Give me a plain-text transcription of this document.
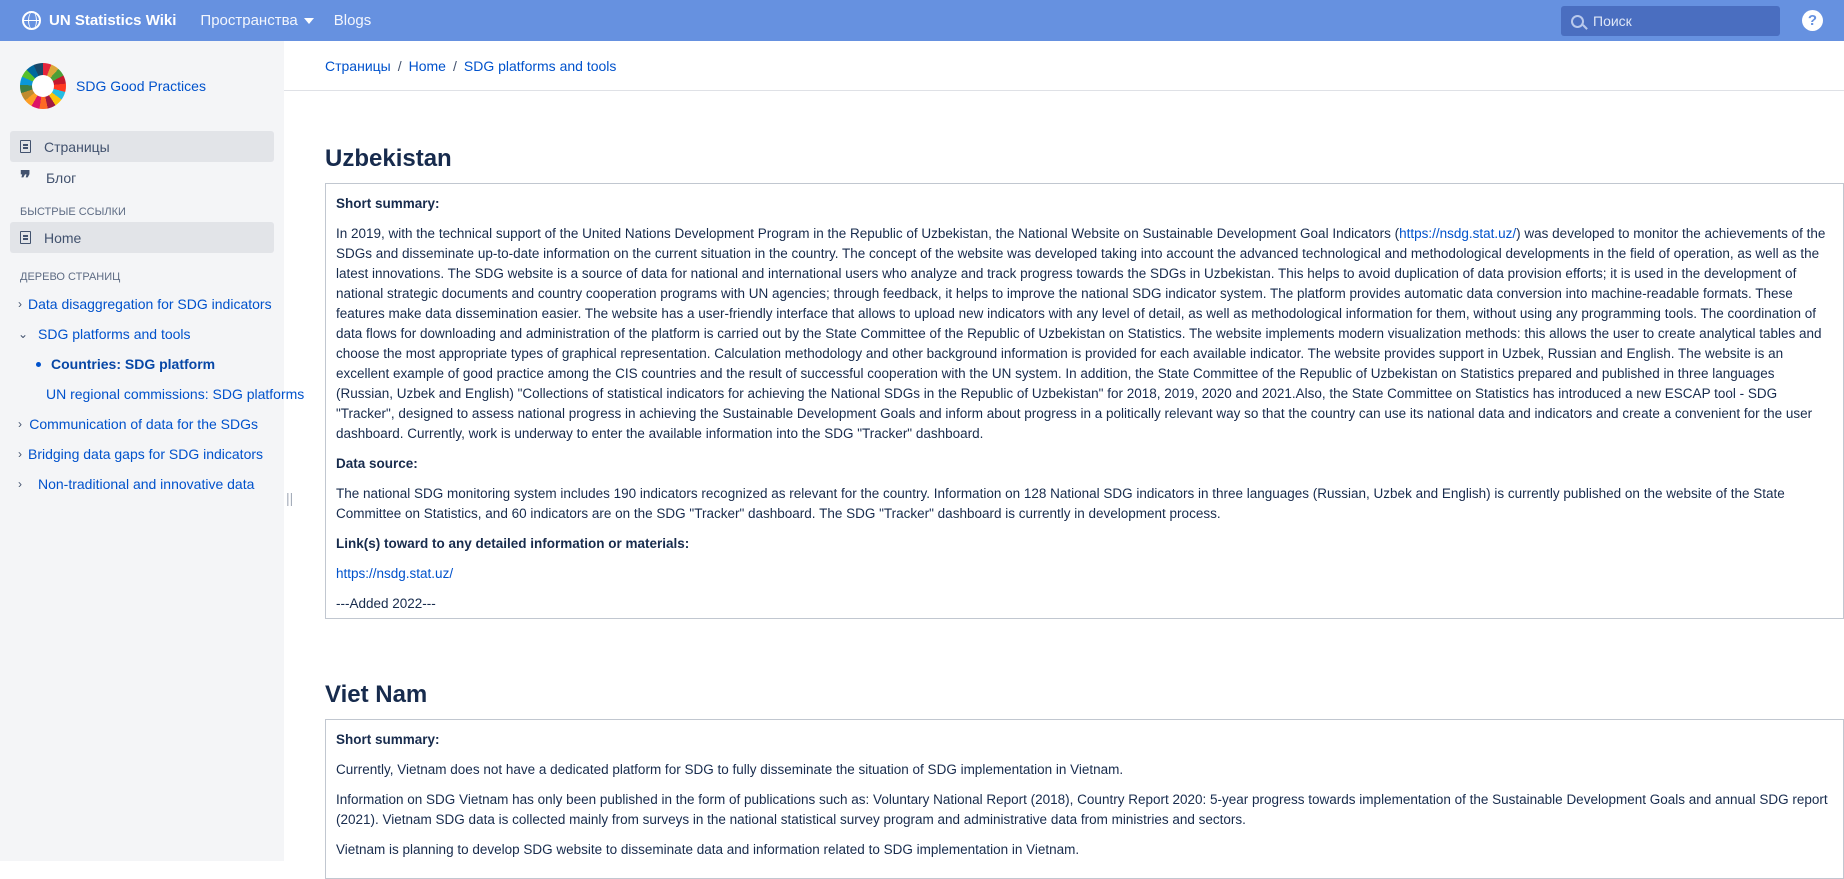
UN Statistics Wiki Пространства Blogs	Поиск	?
SDG Good Practices
Страницы
❞ Блог
БЫСТРЫЕ ССЫЛКИ
Home
ДЕРЕВО СТРАНИЦ
› Data disaggregation for SDG indicators
⌄ SDG platforms and tools
Countries: SDG platform
UN regional commissions: SDG platforms
› Communication of data for the SDGs
› Bridging data gaps for SDG indicators
›	Non-traditional and innovative data
||
Страницы / Home / SDG platforms and tools
Uzbekistan
Short summary:

In 2019, with the technical support of the United Nations Development Program in the Republic of Uzbekistan, the National Website on Sustainable Development Goal Indicators (https://nsdg.stat.uz/) was developed to monitor the achievements of the SDGs and disseminate up-to-date information on the current situation in the country. The concept of the website was developed taking into account the advanced technological and methodological developments in the field of operation, as well as the latest innovations. The SDG website is a source of data for national and international users who analyze and track progress towards the SDGs in Uzbekistan. This helps to avoid duplication of data provision efforts; it is used in the development of national strategic documents and country cooperation programs with UN agencies; through feedback, it helps to improve the national SDG indicator system. The platform provides automatic data conversion into machine-readable formats. These features make data dissemination easier. The website has a user-friendly interface that allows to upload new indicators with any level of detail, as well as methodological information for them, without using any programming tools. The coordination of data flows for downloading and administration of the platform is carried out by the State Committee of the Republic of Uzbekistan on Statistics. The website implements modern visualization methods: this allows the user to create analytical tables and choose the most appropriate types of graphical representation. Calculation methodology and other background information is provided for each available indicator. The website provides support in Uzbek, Russian and English. The website is an excellent example of good practice among the CIS countries and the result of successful cooperation with the UN system. In addition, the State Committee of the Republic of Uzbekistan on Statistics prepared and published in three languages (Russian, Uzbek and English) "Collections of statistical indicators for achieving the National SDGs in the Republic of Uzbekistan" for 2018, 2019, 2020 and 2021.Also, the State Committee on Statistics has introduced a new ESCAP tool - SDG "Tracker", designed to assess national progress in achieving the Sustainable Development Goals and inform about progress in a politically relevant way so that the country can use its national data and indicators and create a convenient for the user dashboard. Currently, work is underway to enter the available information into the SDG "Tracker" dashboard.

Data source:

The national SDG monitoring system includes 190 indicators recognized as relevant for the country. Information on 128 National SDG indicators in three languages (Russian, Uzbek and English) is currently published on the website of the State Committee on Statistics, and 60 indicators are on the SDG "Tracker" dashboard. The SDG "Tracker" dashboard is currently in development process.

Link(s) toward to any detailed information or materials:

https://nsdg.stat.uz/

---Added 2022---

Viet Nam
Short summary:

Currently, Vietnam does not have a dedicated platform for SDG to fully disseminate the situation of SDG implementation in Vietnam.

Information on SDG Vietnam has only been published in the form of publications such as: Voluntary National Report (2018), Country Report 2020: 5-year progress towards implementation of the Sustainable Development Goals and annual SDG report (2021). Vietnam SDG data is collected mainly from surveys in the national statistical survey program and administrative data from ministries and sectors.

Vietnam is planning to develop SDG website to disseminate data and information related to SDG implementation in Vietnam.
